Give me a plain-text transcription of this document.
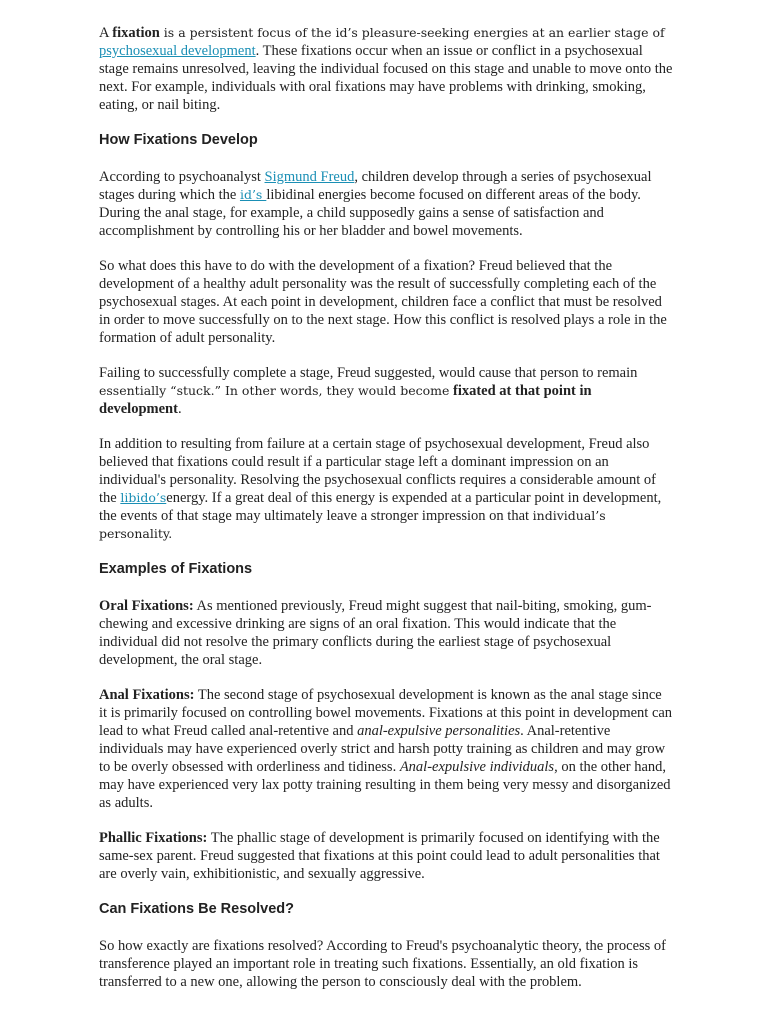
A fixation is a persistent focus of the id’s pleasure-seeking energies at an earlier stage of psychosexual development. These fixations occur when an issue or conflict in a psychosexual stage remains unresolved, leaving the individual focused on this stage and unable to move onto the next. For example, individuals with oral fixations may have problems with drinking, smoking, eating, or nail biting.

How Fixations Develop

According to psychoanalyst Sigmund Freud, children develop through a series of psychosexual stages during which the id’s libidinal energies become focused on different areas of the body. During the anal stage, for example, a child supposedly gains a sense of satisfaction and accomplishment by controlling his or her bladder and bowel movements.

So what does this have to do with the development of a fixation? Freud believed that the development of a healthy adult personality was the result of successfully completing each of the psychosexual stages. At each point in development, children face a conflict that must be resolved in order to move successfully on to the next stage. How this conflict is resolved plays a role in the formation of adult personality.

Failing to successfully complete a stage, Freud suggested, would cause that person to remain essentially “stuck.” In other words, they would become fixated at that point in development.

In addition to resulting from failure at a certain stage of psychosexual development, Freud also believed that fixations could result if a particular stage left a dominant impression on an individual's personality. Resolving the psychosexual conflicts requires a considerable amount of the libido’senergy. If a great deal of this energy is expended at a particular point in development, the events of that stage may ultimately leave a stronger impression on that individual’s personality.

Examples of Fixations

Oral Fixations: As mentioned previously, Freud might suggest that nail-biting, smoking, gum-chewing and excessive drinking are signs of an oral fixation. This would indicate that the individual did not resolve the primary conflicts during the earliest stage of psychosexual development, the oral stage.

Anal Fixations: The second stage of psychosexual development is known as the anal stage since it is primarily focused on controlling bowel movements. Fixations at this point in development can lead to what Freud called anal-retentive and anal-expulsive personalities. Anal-retentive individuals may have experienced overly strict and harsh potty training as children and may grow to be overly obsessed with orderliness and tidiness. Anal-expulsive individuals, on the other hand, may have experienced very lax potty training resulting in them being very messy and disorganized as adults.

Phallic Fixations: The phallic stage of development is primarily focused on identifying with the same-sex parent. Freud suggested that fixations at this point could lead to adult personalities that are overly vain, exhibitionistic, and sexually aggressive.

Can Fixations Be Resolved?

So how exactly are fixations resolved? According to Freud's psychoanalytic theory, the process of transference played an important role in treating such fixations. Essentially, an old fixation is transferred to a new one, allowing the person to consciously deal with the problem.
